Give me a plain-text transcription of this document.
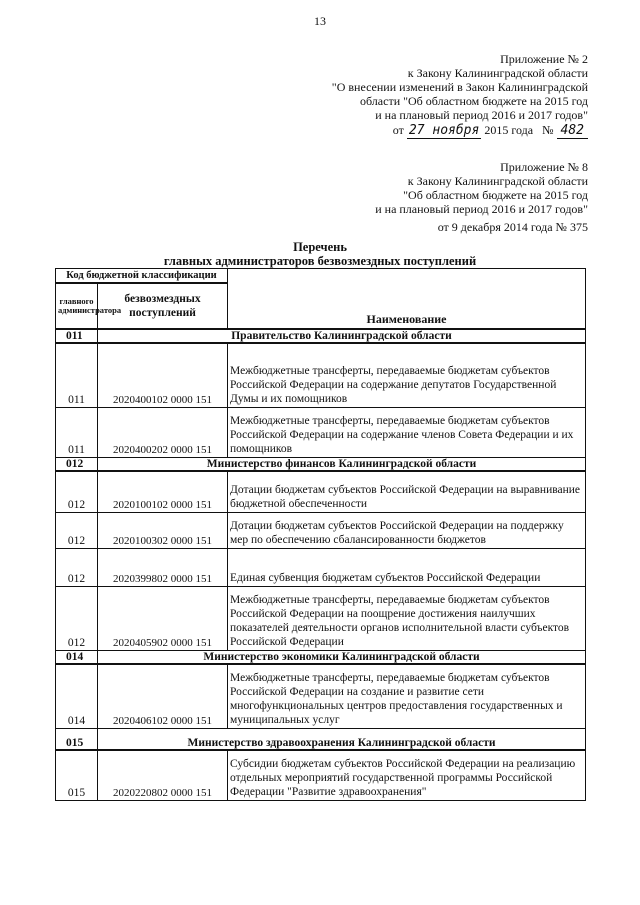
13
Приложение № 2
к Закону Калининградской области
"О внесении изменений в Закон Калининградской
области "Об областном бюджете на 2015 год
и на плановый период 2016 и 2017 годов"
от 27 ноября 2015 года № 482
Приложение № 8
к Закону Калининградской области
"Об областном бюджете на 2015 год
и на плановый период 2016 и 2017 годов"
от 9 декабря 2014 года № 375
Перечень
главных администраторов безвозмездных поступлений
Код бюджетной классификации		Наименование
главного администратора	безвозмездных поступлений	
011	Правительство Калининградской области	
011	2020400102 0000 151	Межбюджетные трансферты, передаваемые бюджетам субъектов Российской Федерации на содержание депутатов Государственной Думы и их помощников
011	2020400202 0000 151	Межбюджетные трансферты, передаваемые бюджетам субъектов Российской Федерации на содержание членов Совета Федерации и их помощников
012	Министерство финансов Калининградской области	
012	2020100102 0000 151	Дотации бюджетам субъектов Российской Федерации на выравнивание бюджетной обеспеченности
012	2020100302 0000 151	Дотации бюджетам субъектов Российской Федерации на поддержку мер по обеспечению сбалансированности бюджетов
012	2020399802 0000 151	Единая субвенция бюджетам субъектов Российской Федерации
012	2020405902 0000 151	Межбюджетные трансферты, передаваемые бюджетам субъектов Российской Федерации на поощрение достижения наилучших показателей деятельности органов исполнительной власти субъектов Российской Федерации
014	Министерство экономики Калининградской области	
014	2020406102 0000 151	Межбюджетные трансферты, передаваемые бюджетам субъектов Российской Федерации на создание и развитие сети многофункциональных центров предоставления государственных и муниципальных услуг
015	Министерство здравоохранения Калининградской области	
015	2020220802 0000 151	Субсидии бюджетам субъектов Российской Федерации на реализацию отдельных мероприятий государственной программы Российской Федерации "Развитие здравоохранения"
